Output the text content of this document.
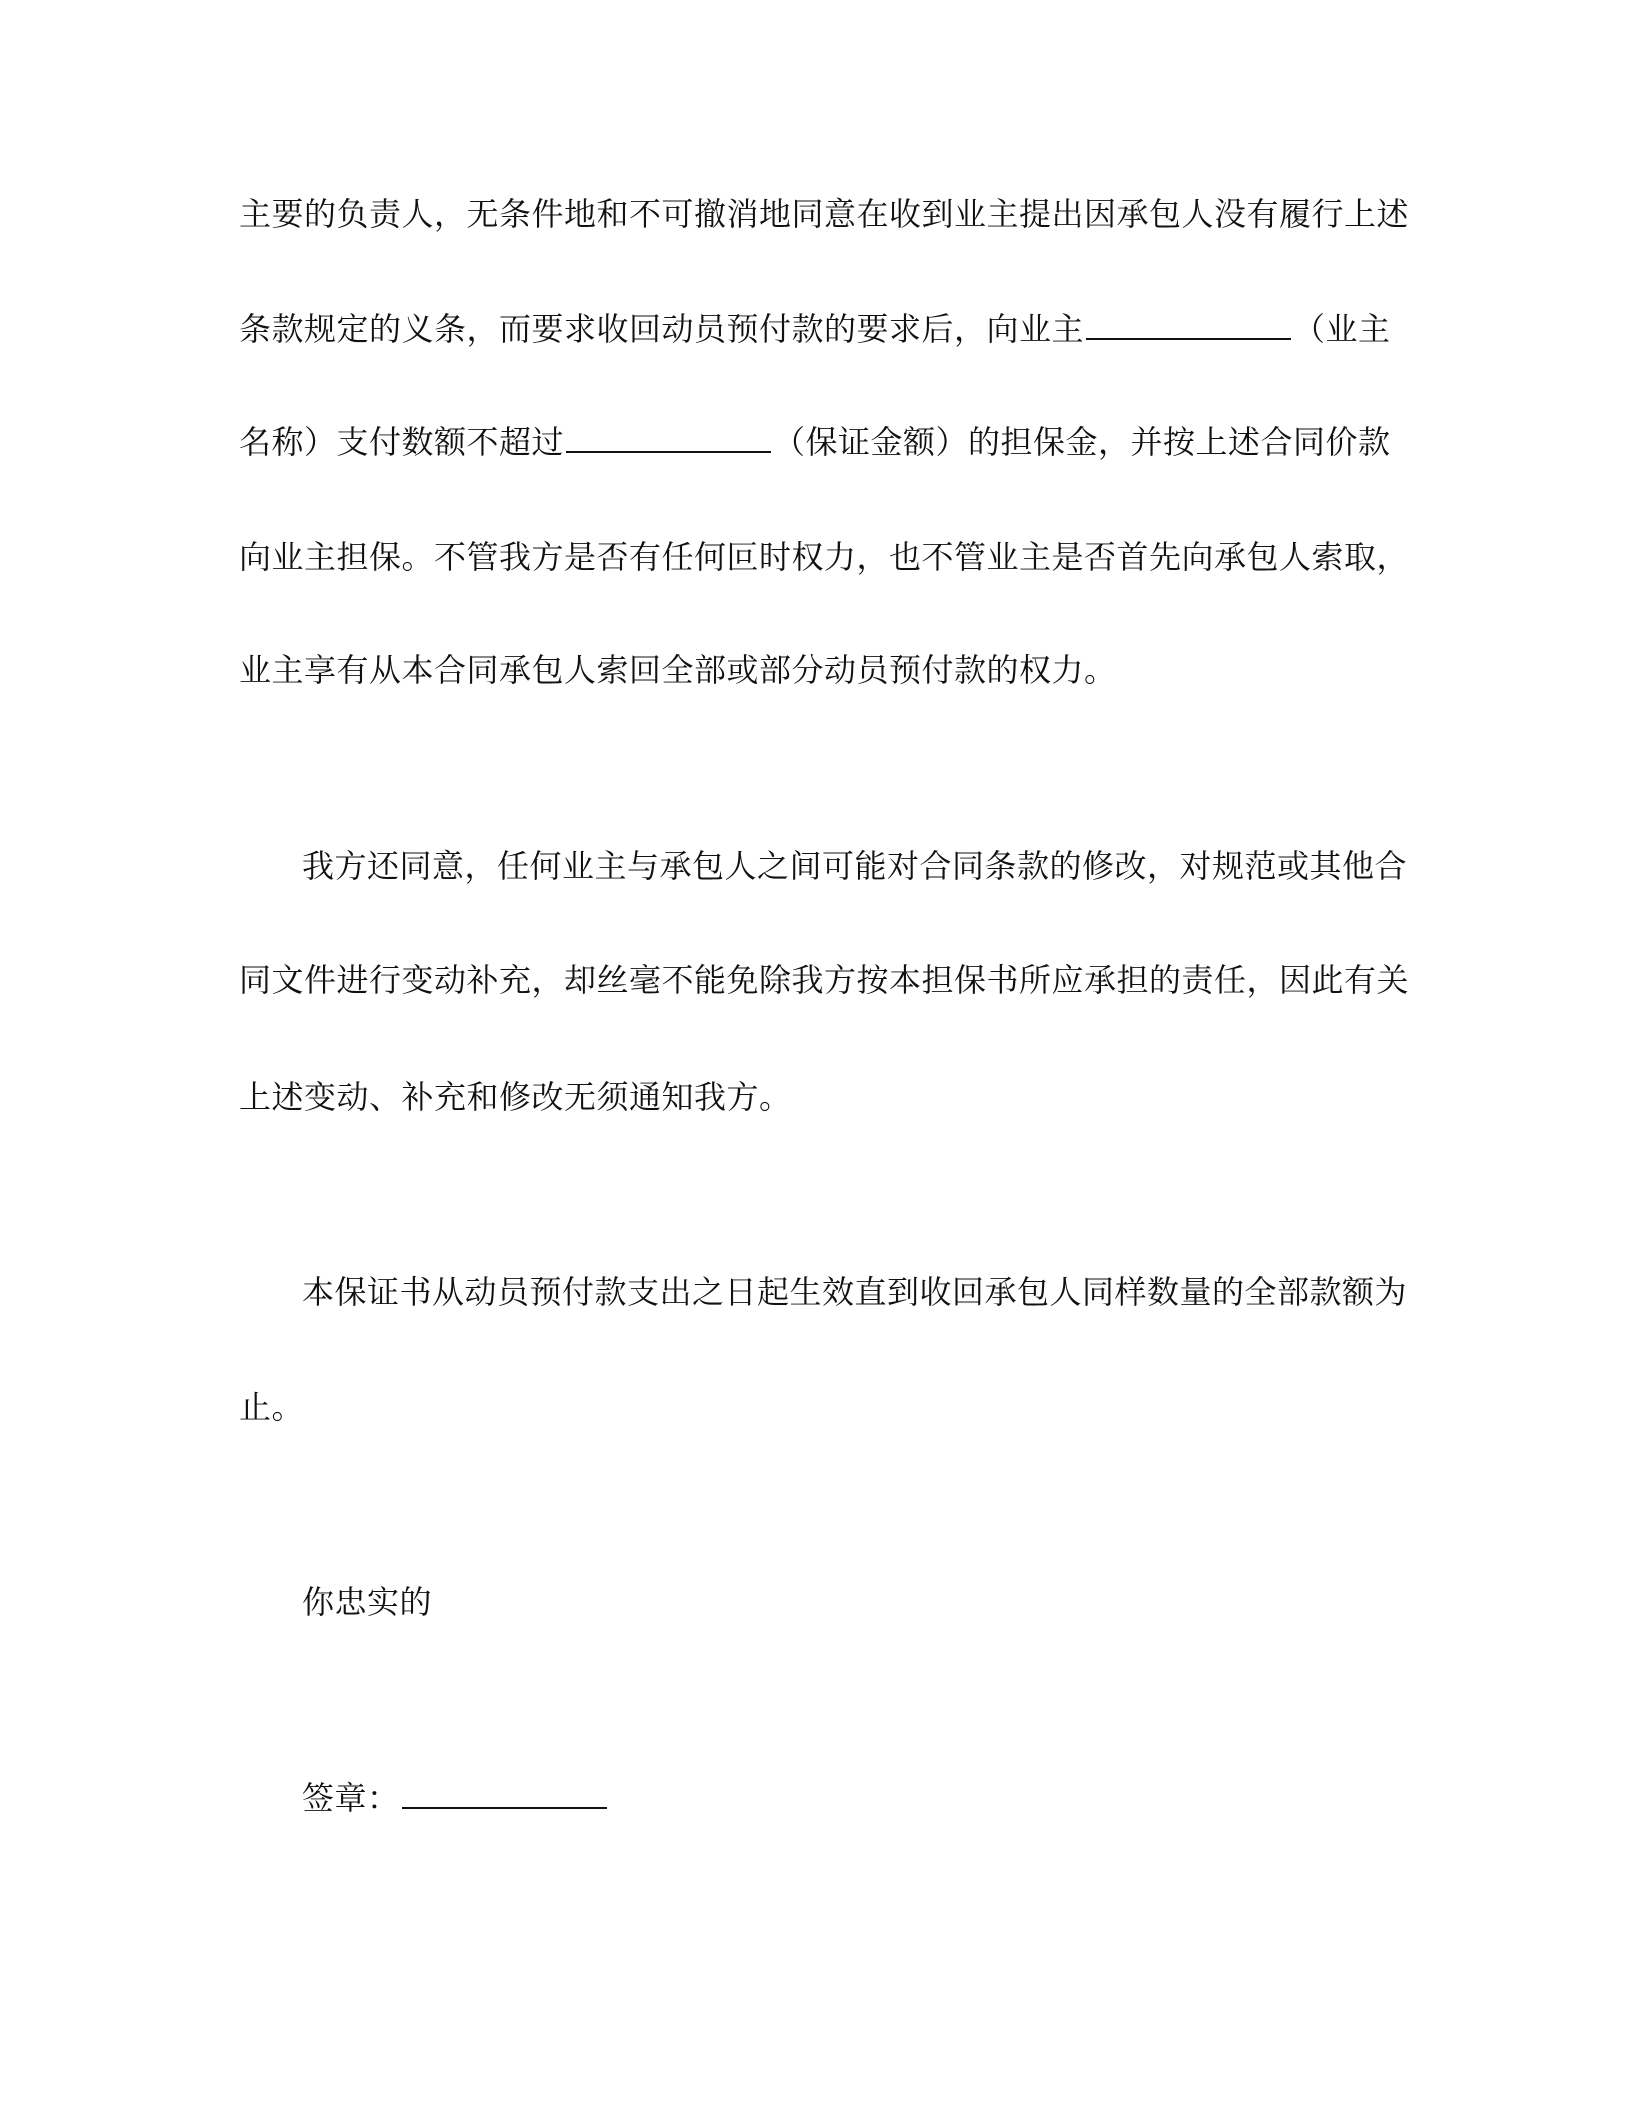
主要的负责人，无条件地和不可撤消地同意在收到业主提出因承包人没有履行上述
条款规定的义条，而要求收回动员预付款的要求后，向业主	（业主
名称）支付数额不超过	（保证金额）的担保金，并按上述合同价款
向业主担保。不管我方是否有任何叵时权力，也不管业主是否首先向承包人索取，
业主享有从本合同承包人索回全部或部分动员预付款的权力。
我方还同意，任何业主与承包人之间可能对合同条款的修改，对规范或其他合
同文件进行变动补充，却丝毫不能免除我方按本担保书所应承担的责任，因此有关
上述变动、补充和修改无须通知我方。
本保证书从动员预付款支出之日起生效直到收回承包人同样数量的全部款额为
止。
你忠实的
签章：
